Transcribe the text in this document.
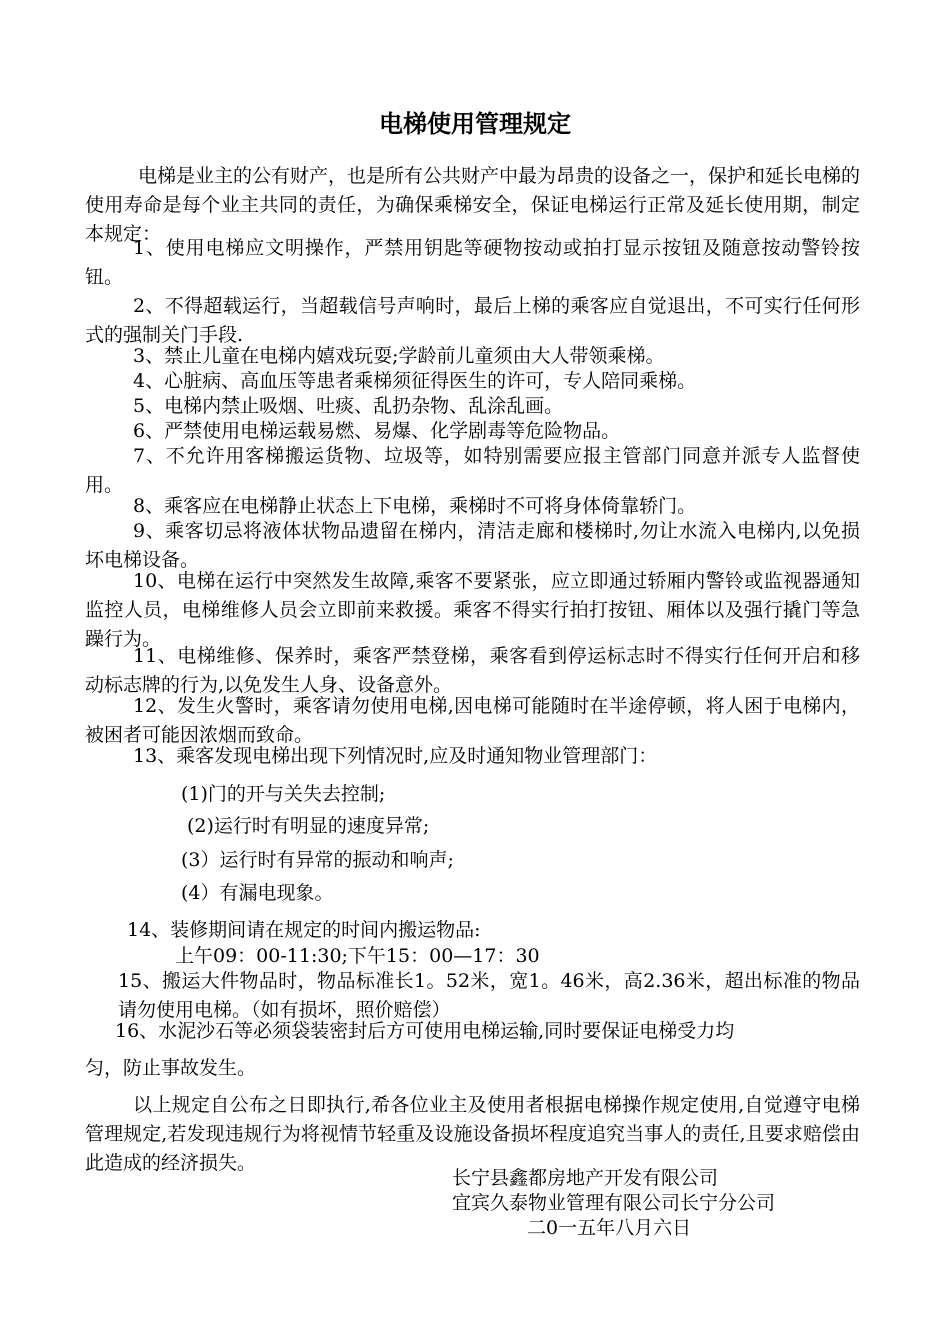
电梯使用管理规定
电梯是业主的公有财产，也是所有公共财产中最为昂贵的设备之一，保护和延长电梯的使用寿命是每个业主共同的责任，为确保乘梯安全，保证电梯运行正常及延长使用期，制定本规定：
1、使用电梯应文明操作，严禁用钥匙等硬物按动或拍打显示按钮及随意按动警铃按钮。
2、不得超载运行，当超载信号声响时，最后上梯的乘客应自觉退出，不可实行任何形式的强制关门手段.
3、禁止儿童在电梯内嬉戏玩耍;学龄前儿童须由大人带领乘梯。
4、心脏病、高血压等患者乘梯须征得医生的许可，专人陪同乘梯。
5、电梯内禁止吸烟、吐痰、乱扔杂物、乱涂乱画。
6、严禁使用电梯运载易燃、易爆、化学剧毒等危险物品。
7、不允许用客梯搬运货物、垃圾等，如特别需要应报主管部门同意并派专人监督使用。
8、乘客应在电梯静止状态上下电梯，乘梯时不可将身体倚靠轿门。
9、乘客切忌将液体状物品遗留在梯内，清洁走廊和楼梯时,勿让水流入电梯内,以免损坏电梯设备。
10、电梯在运行中突然发生故障,乘客不要紧张，应立即通过轿厢内警铃或监视器通知监控人员，电梯维修人员会立即前来救援。乘客不得实行拍打按钮、厢体以及强行撬门等急躁行为。
11、电梯维修、保养时，乘客严禁登梯，乘客看到停运标志时不得实行任何开启和移动标志牌的行为,以免发生人身、设备意外。
12、发生火警时，乘客请勿使用电梯,因电梯可能随时在半途停顿，将人困于电梯内，被困者可能因浓烟而致命。
13、乘客发现电梯出现下列情况时,应及时通知物业管理部门：
(1)门的开与关失去控制;
(2)运行时有明显的速度异常;
(3）运行时有异常的振动和响声;
(4）有漏电现象。
14、装修期间请在规定的时间内搬运物品:
上午09：00-11:30;下午15：00—17：30
15、搬运大件物品时，物品标准长1。52米，宽1。46米，高2.36米，超出标准的物品请勿使用电梯。（如有损坏，照价赔偿）
16、水泥沙石等必须袋装密封后方可使用电梯运输,同时要保证电梯受力均
匀，防止事故发生。
以上规定自公布之日即执行,希各位业主及使用者根据电梯操作规定使用,自觉遵守电梯管理规定,若发现违规行为将视情节轻重及设施设备损坏程度追究当事人的责任,且要求赔偿由此造成的经济损失。
长宁县鑫都房地产开发有限公司
宜宾久泰物业管理有限公司长宁分公司
二0一五年八月六日
